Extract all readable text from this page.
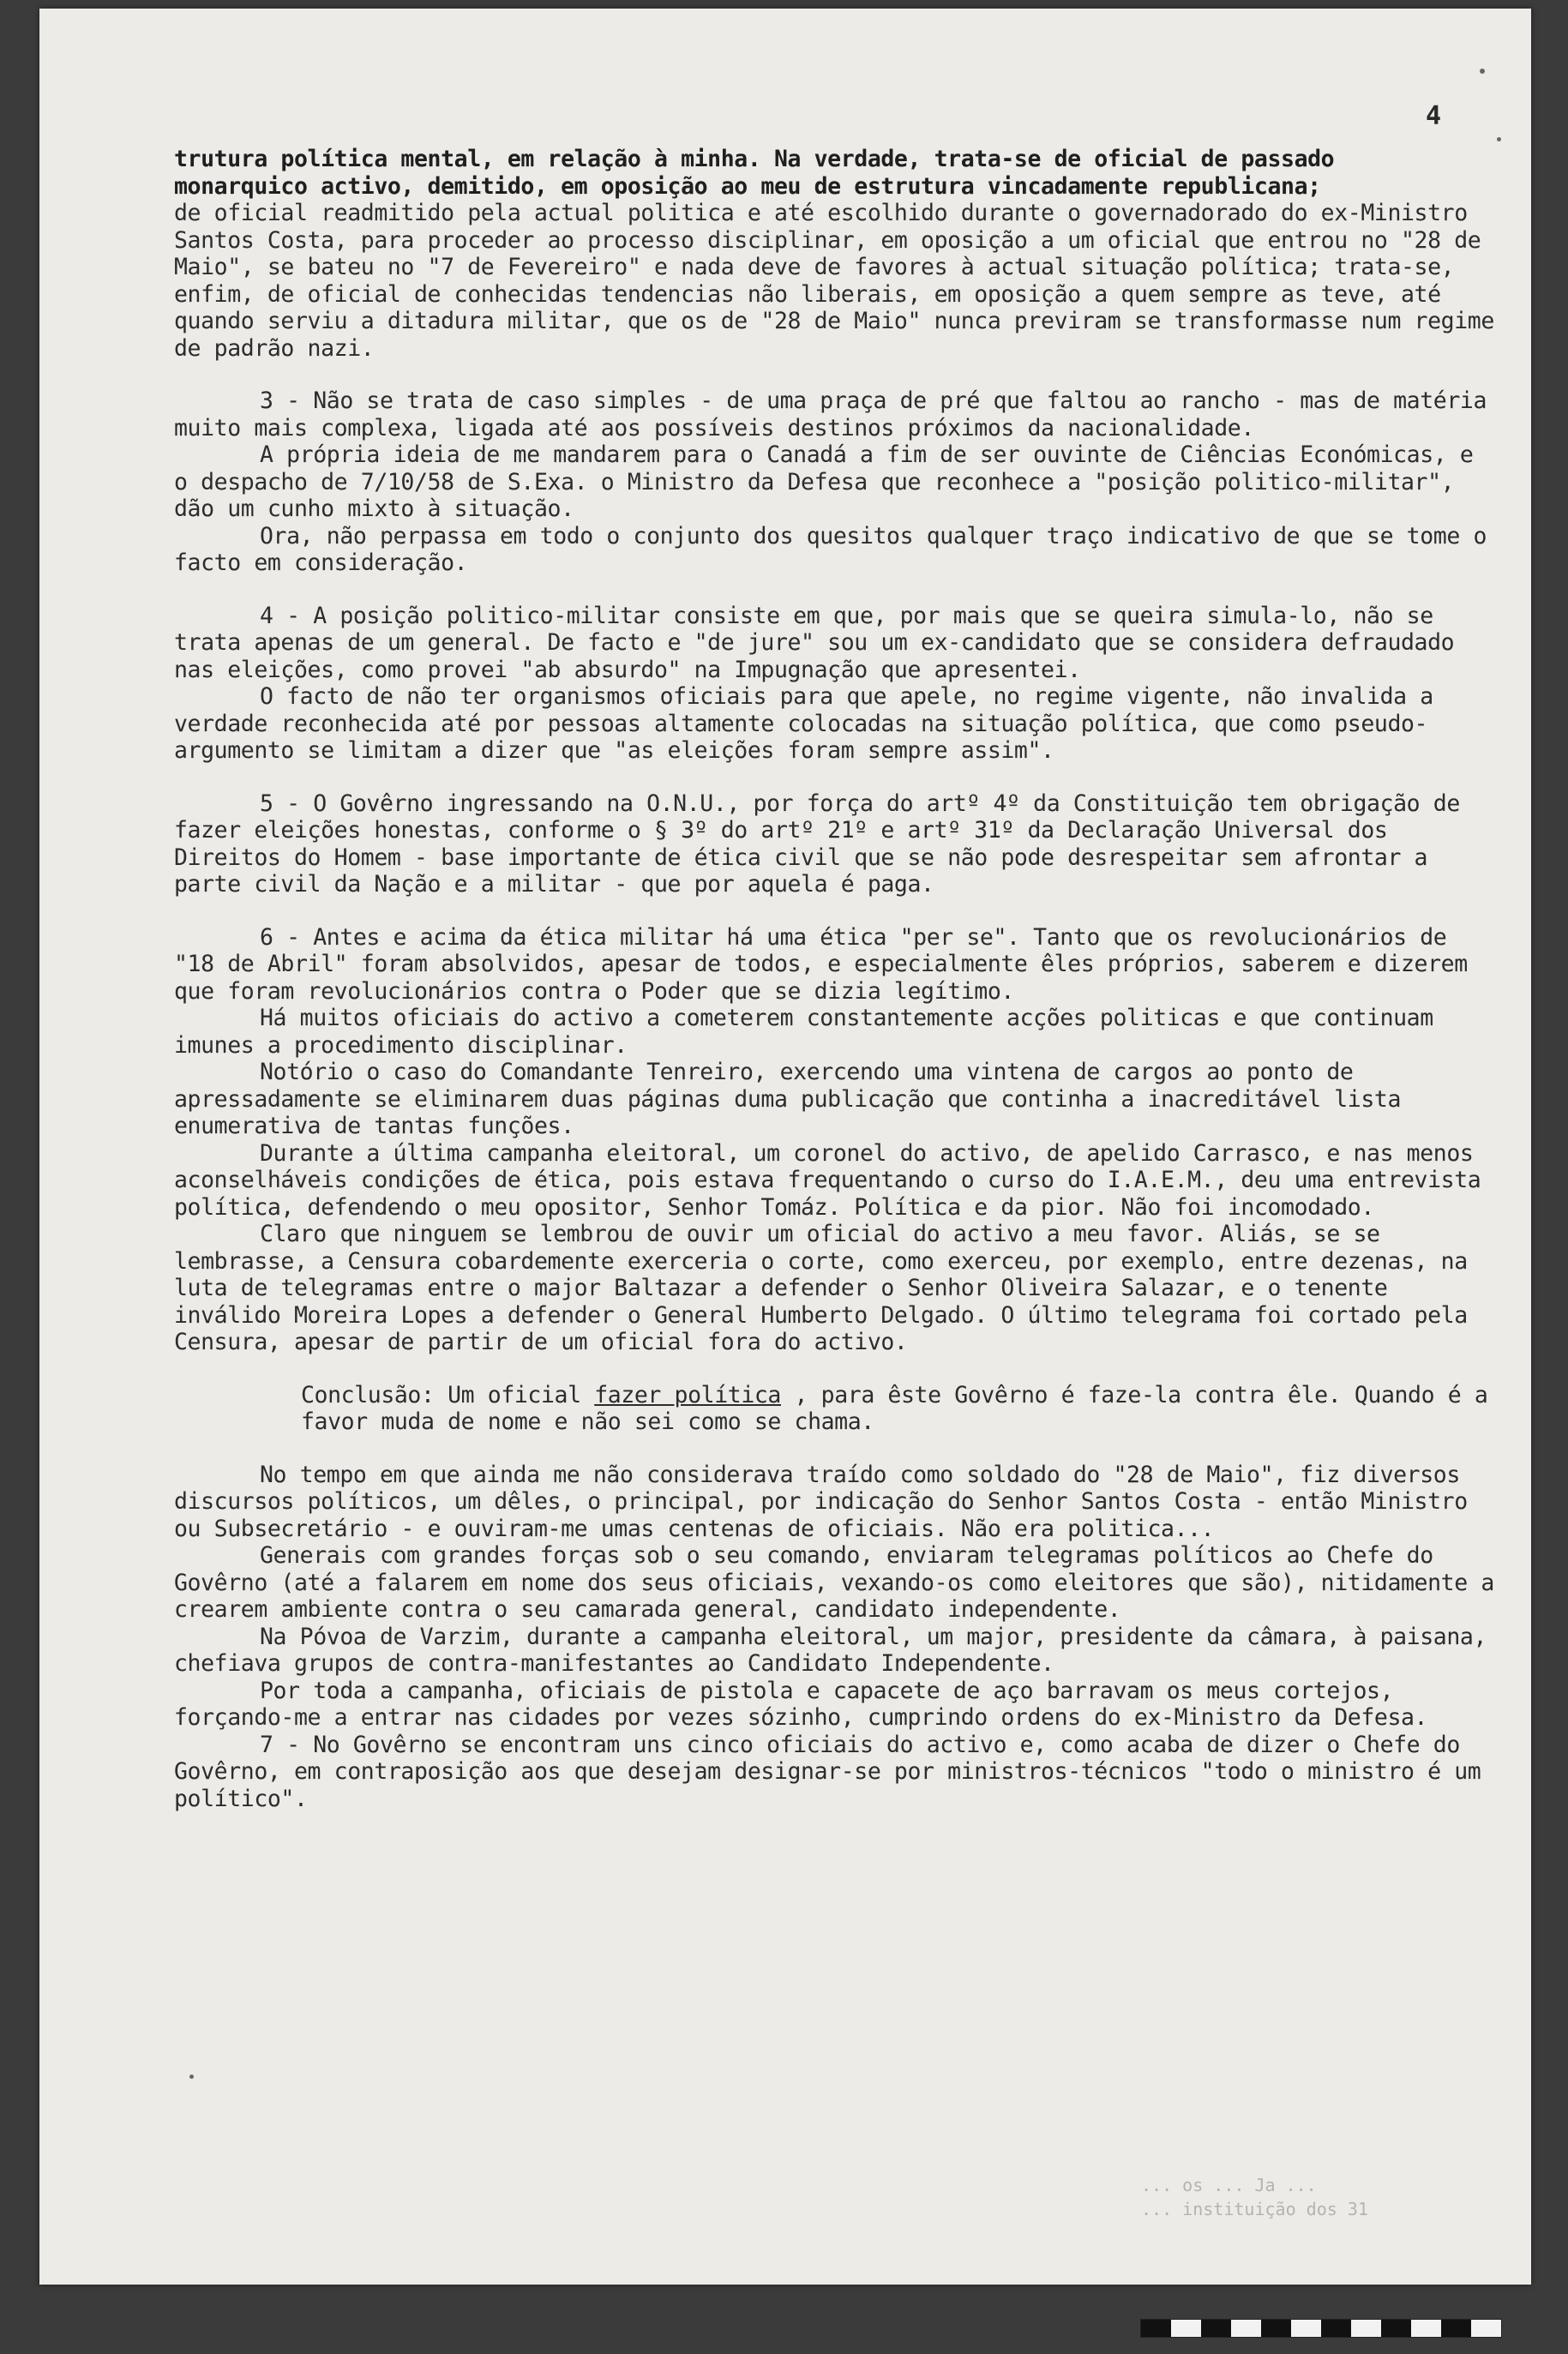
4

trutura política mental, em relação à minha. Na verdade, trata-se de oficial de passado

monarquico activo, demitido, em oposição ao meu de estrutura vincadamente republicana;

de oficial readmitido pela actual politica e até escolhido durante o governadorado do ex-Ministro Santos Costa, para proceder ao processo disciplinar, em oposição a um oficial que entrou no "28 de Maio", se bateu no "7 de Fevereiro" e nada deve de favores à actual situação política; trata-se, enfim, de oficial de conhecidas tendencias não liberais, em oposição a quem sempre as teve, até quando serviu a ditadura militar, que os de "28 de Maio" nunca previram se transformasse num regime de padrão nazi.

3 - Não se trata de caso simples - de uma praça de pré que faltou ao rancho - mas de matéria muito mais complexa, ligada até aos possíveis destinos próximos da nacionalidade.

A própria ideia de me mandarem para o Canadá a fim de ser ouvinte de Ciências Económicas, e o despacho de 7/10/58 de S.Exa. o Ministro da Defesa que reconhece a "posição politico-militar", dão um cunho mixto à situação.

Ora, não perpassa em todo o conjunto dos quesitos qualquer traço indicativo de que se tome o facto em consideração.

4 - A posição politico-militar consiste em que, por mais que se queira simula-lo, não se trata apenas de um general. De facto e "de jure" sou um ex-candidato que se considera defraudado nas eleições, como provei "ab absurdo" na Impugnação que apresentei.

O facto de não ter organismos oficiais para que apele, no regime vigente, não invalida a verdade reconhecida até por pessoas altamente colocadas na situação política, que como pseudo-argumento se limitam a dizer que "as eleições foram sempre assim".

5 - O Govêrno ingressando na O.N.U., por força do artº 4º da Constituição tem obrigação de fazer eleições honestas, conforme o § 3º do artº 21º e artº 31º da Declaração Universal dos Direitos do Homem - base importante de ética civil que se não pode desrespeitar sem afrontar a parte civil da Nação e a militar - que por aquela é paga.

6 - Antes e acima da ética militar há uma ética "per se". Tanto que os revolucionários de "18 de Abril" foram absolvidos, apesar de todos, e especialmente êles próprios, saberem e dizerem que foram revolucionários contra o Poder que se dizia legítimo.

Há muitos oficiais do activo a cometerem constantemente acções politicas e que continuam imunes a procedimento disciplinar.

Notório o caso do Comandante Tenreiro, exercendo uma vintena de cargos ao ponto de apressadamente se eliminarem duas páginas duma publicação que continha a inacreditável lista enumerativa de tantas funções.

Durante a última campanha eleitoral, um coronel do activo, de apelido Carrasco, e nas menos aconselháveis condições de ética, pois estava frequentando o curso do I.A.E.M., deu uma entrevista política, defendendo o meu opositor, Senhor Tomáz. Política e da pior. Não foi incomodado.

Claro que ninguem se lembrou de ouvir um oficial do activo a meu favor. Aliás, se se lembrasse, a Censura cobardemente exerceria o corte, como exerceu, por exemplo, entre dezenas, na luta de telegramas entre o major Baltazar a defender o Senhor Oliveira Salazar, e o tenente inválido Moreira Lopes a defender o General Humberto Delgado. O último telegrama foi cortado pela Censura, apesar de partir de um oficial fora do activo.

Conclusão: Um oficial fazer política , para êste Govêrno é faze-la contra êle. Quando é a favor muda de nome e não sei como se chama.

No tempo em que ainda me não considerava traído como soldado do "28 de Maio", fiz diversos discursos políticos, um dêles, o principal, por indicação do Senhor Santos Costa - então Ministro ou Subsecretário - e ouviram-me umas centenas de oficiais. Não era politica...

Generais com grandes forças sob o seu comando, enviaram telegramas políticos ao Chefe do Govêrno (até a falarem em nome dos seus oficiais, vexando-os como eleitores que são), nitidamente a crearem ambiente contra o seu camarada general, candidato independente.

Na Póvoa de Varzim, durante a campanha eleitoral, um major, presidente da câmara, à paisana, chefiava grupos de contra-manifestantes ao Candidato Independente.

Por toda a campanha, oficiais de pistola e capacete de aço barravam os meus cortejos, forçando-me a entrar nas cidades por vezes sózinho, cumprindo ordens do ex-Ministro da Defesa.

7 - No Govêrno se encontram uns cinco oficiais do activo e, como acaba de dizer o Chefe do Govêrno, em contraposição aos que desejam designar-se por ministros-técnicos "todo o ministro é um político".

... os ... Ja ...
... instituição dos 31
